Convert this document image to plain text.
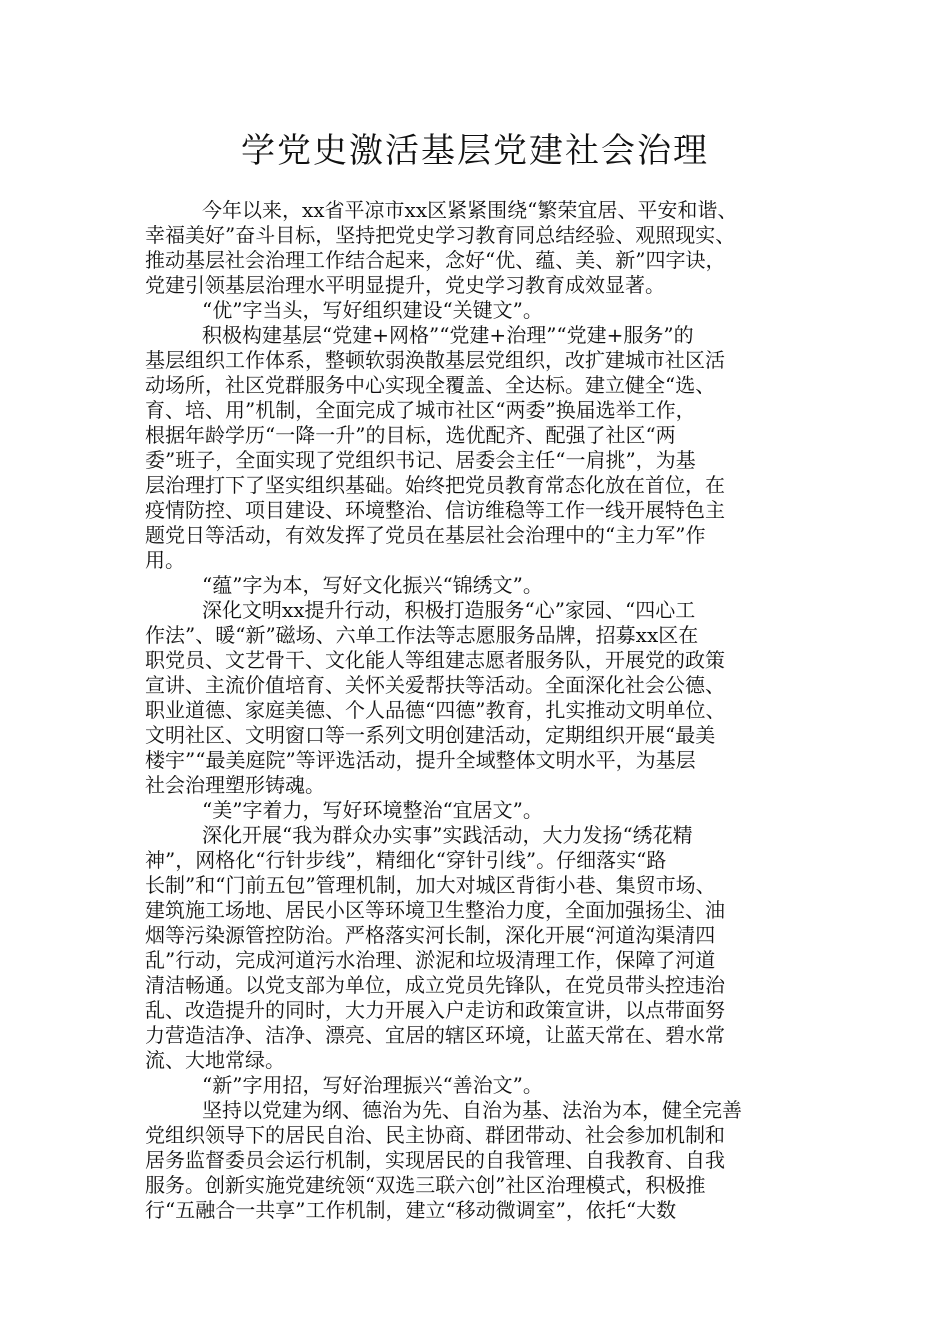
学党史激活基层党建社会治理
今年以来，xx省平凉市xx区紧紧围绕“繁荣宜居、平安和谐、
幸福美好”奋斗目标，坚持把党史学习教育同总结经验、观照现实、
推动基层社会治理工作结合起来，念好“优、蕴、美、新”四字诀，
党建引领基层治理水平明显提升，党史学习教育成效显著。
“优”字当头，写好组织建设“关键文”。
积极构建基层“党建+网格”“党建+治理”“党建+服务”的
基层组织工作体系，整顿软弱涣散基层党组织，改扩建城市社区活
动场所，社区党群服务中心实现全覆盖、全达标。建立健全“选、
育、培、用”机制，全面完成了城市社区“两委”换届选举工作，
根据年龄学历“一降一升”的目标，选优配齐、配强了社区“两
委”班子，全面实现了党组织书记、居委会主任“一肩挑”，为基
层治理打下了坚实组织基础。始终把党员教育常态化放在首位，在
疫情防控、项目建设、环境整治、信访维稳等工作一线开展特色主
题党日等活动，有效发挥了党员在基层社会治理中的“主力军”作
用。
“蕴”字为本，写好文化振兴“锦绣文”。
深化文明xx提升行动，积极打造服务“心”家园、“四心工
作法”、暖“新”磁场、六单工作法等志愿服务品牌，招募xx区在
职党员、文艺骨干、文化能人等组建志愿者服务队，开展党的政策
宣讲、主流价值培育、关怀关爱帮扶等活动。全面深化社会公德、
职业道德、家庭美德、个人品德“四德”教育，扎实推动文明单位、
文明社区、文明窗口等一系列文明创建活动，定期组织开展“最美
楼宇”“最美庭院”等评选活动，提升全域整体文明水平，为基层
社会治理塑形铸魂。
“美”字着力，写好环境整治“宜居文”。
深化开展“我为群众办实事”实践活动，大力发扬“绣花精
神”，网格化“行针步线”，精细化“穿针引线”。仔细落实“路
长制”和“门前五包”管理机制，加大对城区背街小巷、集贸市场、
建筑施工场地、居民小区等环境卫生整治力度，全面加强扬尘、油
烟等污染源管控防治。严格落实河长制，深化开展“河道沟渠清四
乱”行动，完成河道污水治理、淤泥和垃圾清理工作，保障了河道
清洁畅通。以党支部为单位，成立党员先锋队，在党员带头控违治
乱、改造提升的同时，大力开展入户走访和政策宣讲，以点带面努
力营造洁净、洁净、漂亮、宜居的辖区环境，让蓝天常在、碧水常
流、大地常绿。
“新”字用招，写好治理振兴“善治文”。
坚持以党建为纲、德治为先、自治为基、法治为本，健全完善
党组织领导下的居民自治、民主协商、群团带动、社会参加机制和
居务监督委员会运行机制，实现居民的自我管理、自我教育、自我
服务。创新实施党建统领“双选三联六创”社区治理模式，积极推
行“五融合一共享”工作机制，建立“移动微调室”，依托“大数
